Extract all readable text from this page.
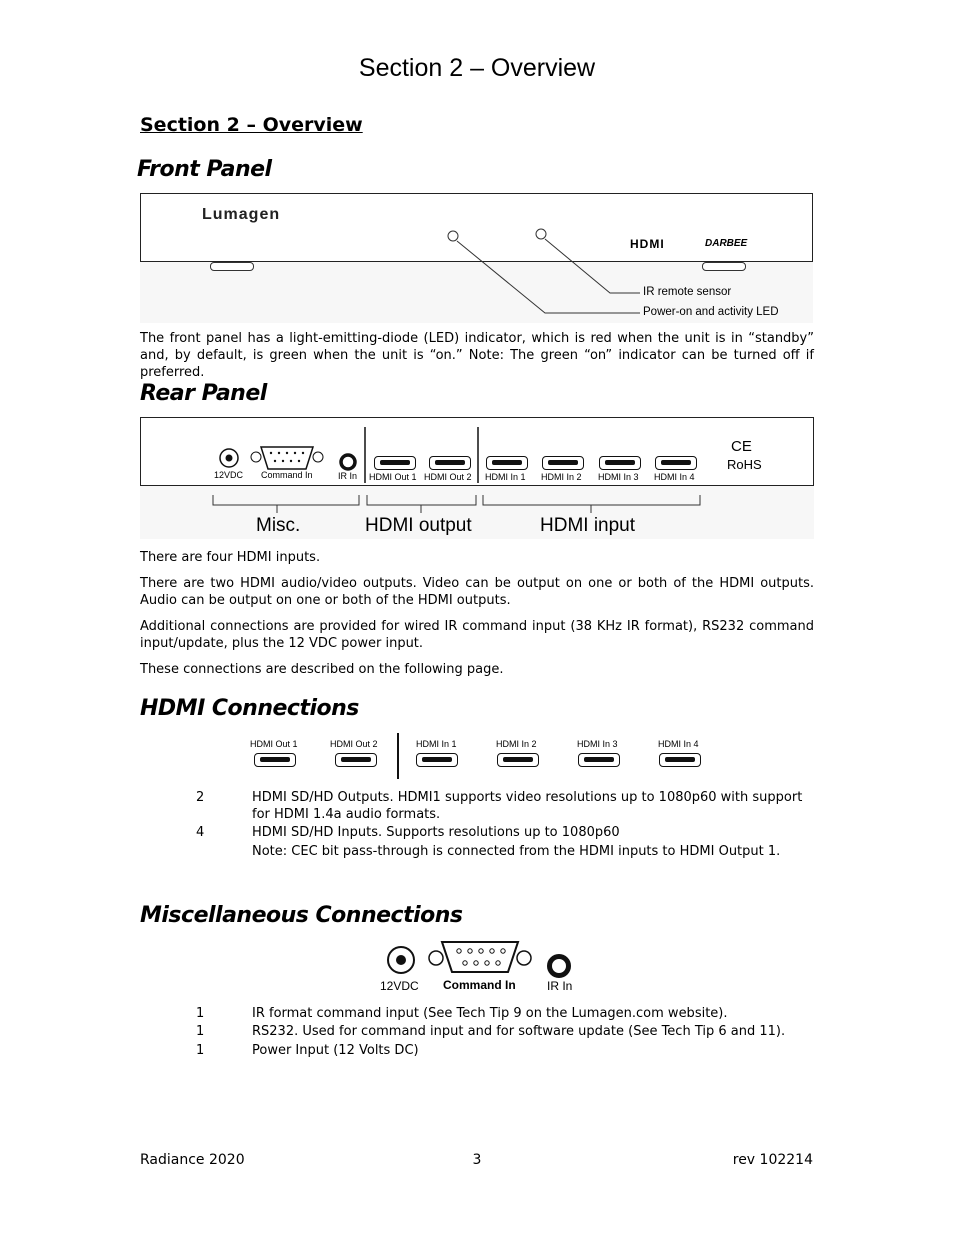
Section 2 – Overview
Section 2 – Overview
Front Panel
Lumagen
HDMI	DARBEE
IR remote sensor
Power-on and activity LED
The front panel has a light-emitting-diode (LED) indicator, which is red when the unit is in “standby” and, by default, is green when the unit is “on.” Note: The green “on” indicator can be turned off if preferred.
Rear Panel
12VDC Command In	IR In HDMI Out 1 HDMI Out 2 HDMI In 1 HDMI In 2 HDMI In 3 HDMI In 4
CE
RoHS
Misc.	HDMI output	HDMI input
There are four HDMI inputs.
There are two HDMI audio/video outputs. Video can be output on one or both of the HDMI outputs. Audio can be output on one or both of the HDMI outputs.
Additional connections are provided for wired IR command input (38 KHz IR format), RS232 command input/update, plus the 12 VDC power input.
These connections are described on the following page.
HDMI Connections
HDMI Out 1	HDMI Out 2	HDMI In 1	HDMI In 2	HDMI In 3	HDMI In 4
2	HDMI SD/HD Outputs. HDMI1 supports video resolutions up to 1080p60 with support for HDMI 1.4a audio formats.
4	HDMI SD/HD Inputs. Supports resolutions up to 1080p60
Note: CEC bit pass-through is connected from the HDMI inputs to HDMI Output 1.
Miscellaneous Connections
12VDC Command In	IR In
1	IR format command input (See Tech Tip 9 on the Lumagen.com website).
1	RS232. Used for command input and for software update (See Tech Tip 6 and 11).
1	Power Input (12 Volts DC)
Radiance 2020	3	rev 102214
